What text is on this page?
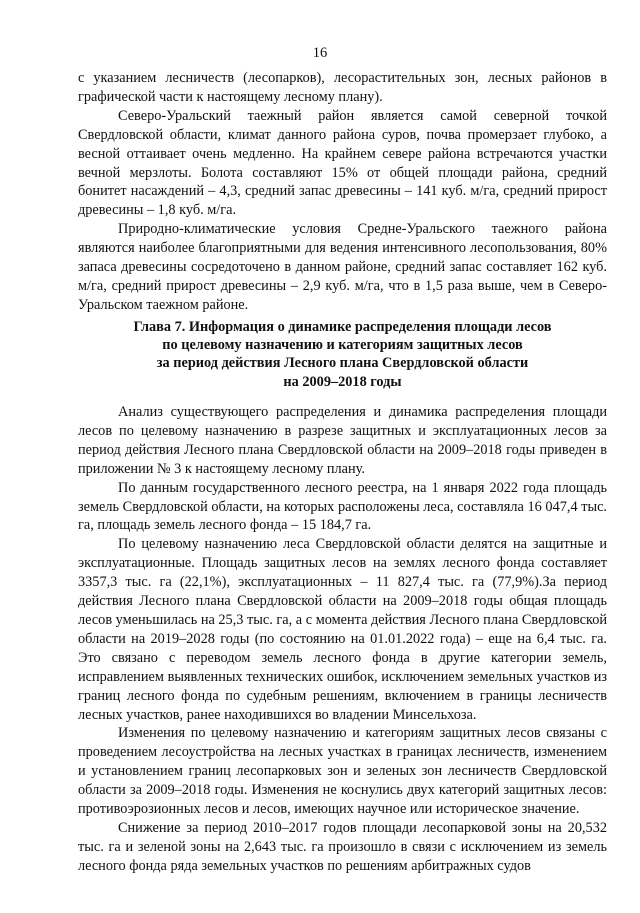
16

с указанием лесничеств (лесопарков), лесорастительных зон, лесных районов в графической части к настоящему лесному плану).

Северо-Уральский таежный район является самой северной точкой Свердловской области, климат данного района суров, почва промерзает глубоко, а весной оттаивает очень медленно. На крайнем севере района встречаются участки вечной мерзлоты. Болота составляют 15% от общей площади района, средний бонитет насаждений – 4,3, средний запас древесины – 141 куб. м/га, средний прирост древесины – 1,8 куб. м/га.

Природно-климатические условия Средне-Уральского таежного района являются наиболее благоприятными для ведения интенсивного лесопользования, 80% запаса древесины сосредоточено в данном районе, средний запас составляет 162 куб. м/га, средний прирост древесины – 2,9 куб. м/га, что в 1,5 раза выше, чем в Северо-Уральском таежном районе.

Глава 7. Информация о динамике распределения площади лесов
по целевому назначению и категориям защитных лесов
за период действия Лесного плана Свердловской области
на 2009–2018 годы

Анализ существующего распределения и динамика распределения площади лесов по целевому назначению в разрезе защитных и эксплуатационных лесов за период действия Лесного плана Свердловской области на 2009–2018 годы приведен в приложении № 3 к настоящему лесному плану.

По данным государственного лесного реестра, на 1 января 2022 года площадь земель Свердловской области, на которых расположены леса, составляла 16 047,4 тыс. га, площадь земель лесного фонда – 15 184,7 га.

По целевому назначению леса Свердловской области делятся на защитные и эксплуатационные. Площадь защитных лесов на землях лесного фонда составляет 3357,3 тыс. га (22,1%), эксплуатационных – 11 827,4 тыс. га (77,9%).За период действия Лесного плана Свердловской области на 2009–2018 годы общая площадь лесов уменьшилась на 25,3 тыс. га, а с момента действия Лесного плана Свердловской области на 2019–2028 годы (по состоянию на 01.01.2022 года) – еще на 6,4 тыс. га. Это связано с переводом земель лесного фонда в другие категории земель, исправлением выявленных технических ошибок, исключением земельных участков из границ лесного фонда по судебным решениям, включением в границы лесничеств лесных участков, ранее находившихся во владении Минсельхоза.

Изменения по целевому назначению и категориям защитных лесов связаны с проведением лесоустройства на лесных участках в границах лесничеств, изменением и установлением границ лесопарковых зон и зеленых зон лесничеств Свердловской области за 2009–2018 годы. Изменения не коснулись двух категорий защитных лесов: противоэрозионных лесов и лесов, имеющих научное или историческое значение.

Снижение за период 2010–2017 годов площади лесопарковой зоны на 20,532 тыс. га и зеленой зоны на 2,643 тыс. га произошло в связи с исключением из земель лесного фонда ряда земельных участков по решениям арбитражных судов
